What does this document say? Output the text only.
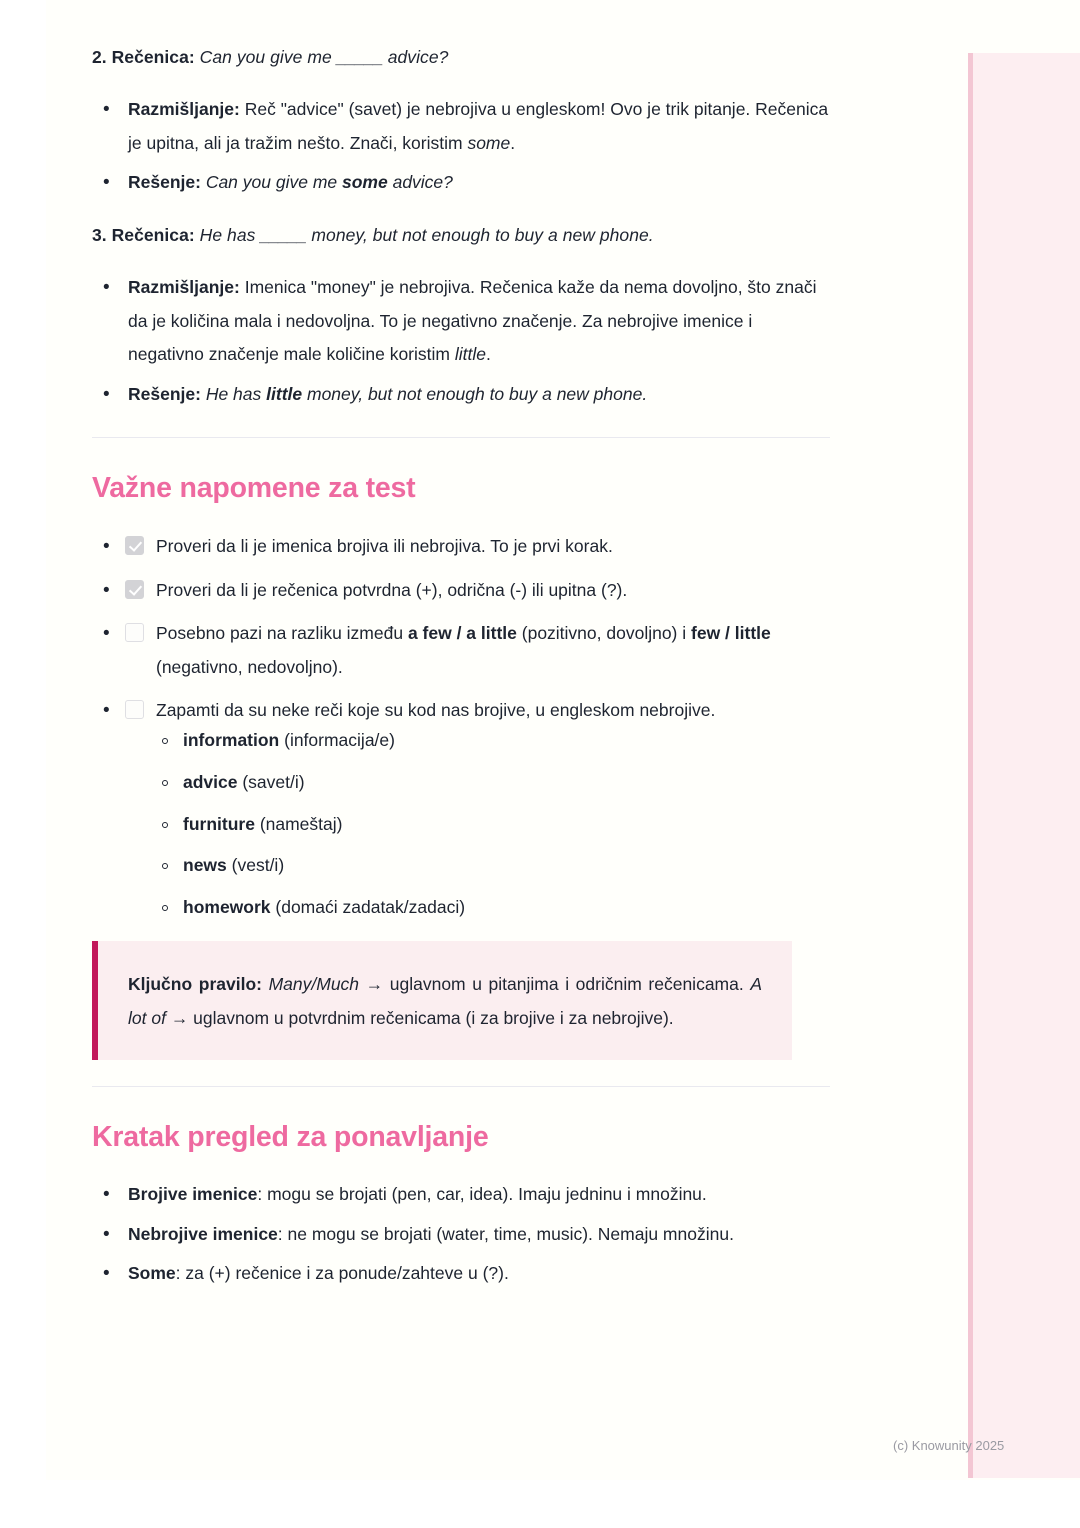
2. Rečenica: Can you give me _____ advice?

• Razmišljanje: Reč "advice" (savet) je nebrojiva u engleskom! Ovo je trik pitanje. Rečenica je upitna, ali ja tražim nešto. Znači, koristim some.
• Rešenje: Can you give me some advice?

3. Rečenica: He has _____ money, but not enough to buy a new phone.

• Razmišljanje: Imenica "money" je nebrojiva. Rečenica kaže da nema dovoljno, što znači da je količina mala i nedovoljna. To je negativno značenje. Za nebrojive imenice i negativno značenje male količine koristim little.
• Rešenje: He has little money, but not enough to buy a new phone.
Važne napomene za test
• Proveri da li je imenica brojiva ili nebrojiva. To je prvi korak.
• Proveri da li je rečenica potvrdna (+), odrična (-) ili upitna (?).
• Posebno pazi na razliku između a few / a little (pozitivno, dovoljno) i few / little (negativno, nedovoljno).
• Zapamti da su neke reči koje su kod nas brojive, u engleskom nebrojive.
information (informacija/e)
advice (savet/i)
furniture (nameštaj)
news (vest/i)
homework (domaći zadatak/zadaci)

Ključno pravilo: Many/Much → uglavnom u pitanjima i odričnim rečenicama. A lot of → uglavnom u potvrdnim rečenicama (i za brojive i za nebrojive).

Kratak pregled za ponavljanje
• Brojive imenice: mogu se brojati (pen, car, idea). Imaju jedninu i množinu.
• Nebrojive imenice: ne mogu se brojati (water, time, music). Nemaju množinu.
• Some: za (+) rečenice i za ponude/zahteve u (?).
(c) Knowunity 2025
